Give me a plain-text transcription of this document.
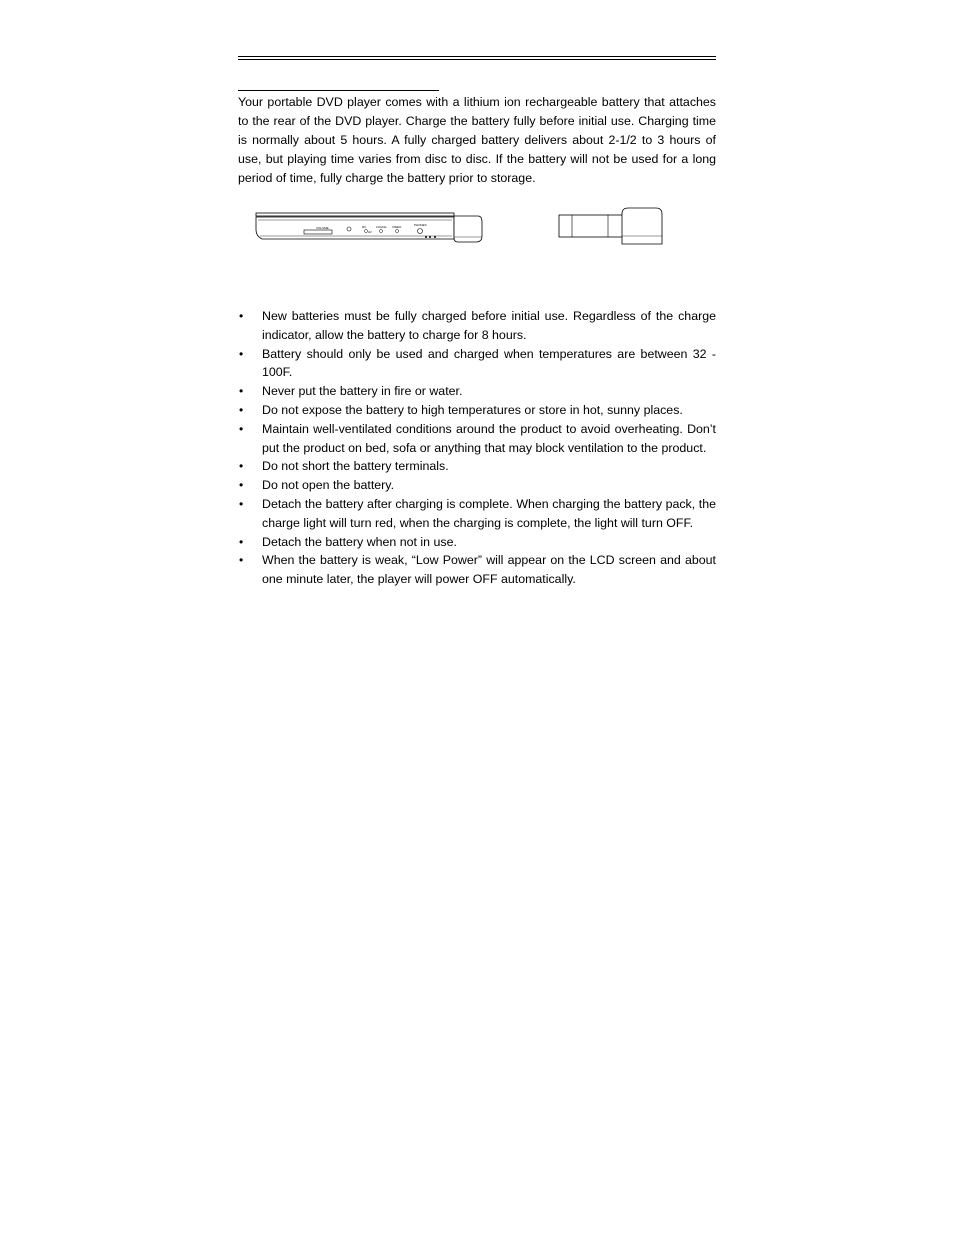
Your portable DVD player comes with a lithium ion rechargeable battery that attaches to the rear of the DVD player. Charge the battery fully before initial use. Charging time is normally about 5 hours. A fully charged battery delivers about 2-1/2 to 3 hours of use, but playing time varies from disc to disc. If the battery will not be used for a long period of time, fully charge the battery prior to storage.

VOLUME	DC
AV
COAXIAL VIDEO	PHONES
•	New batteries must be fully charged before initial use. Regardless of the charge indicator, allow the battery to charge for 8 hours.
•	Battery should only be used and charged when temperatures are between 32 - 100F.
•	Never put the battery in fire or water.
•	Do not expose the battery to high temperatures or store in hot, sunny places.
•	Maintain well-ventilated conditions around the product to avoid overheating. Don’t put the product on bed, sofa or anything that may block ventilation to the product.
•	Do not short the battery terminals.
•	Do not open the battery.
•	Detach the battery after charging is complete. When charging the battery pack, the charge light will turn red, when the charging is complete, the light will turn OFF.
•	Detach the battery when not in use.
•	When the battery is weak, “Low Power” will appear on the LCD screen and about one minute later, the player will power OFF automatically.
